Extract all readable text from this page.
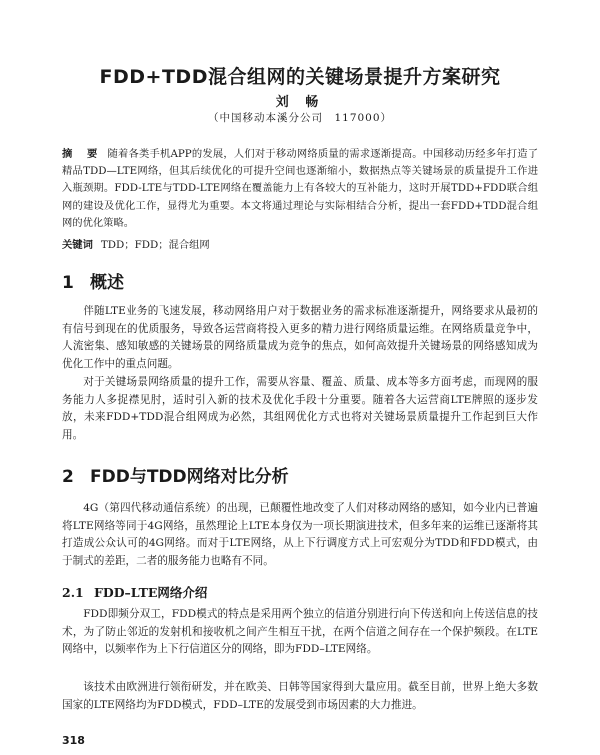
FDD+TDD混合组网的关键场景提升方案研究
刘 畅
（中国移动本溪分公司　117000）
摘　要 随着各类手机APP的发展，人们对于移动网络质量的需求逐渐提高。中国移动历经多年打造了精品TDD—LTE网络，但其后续优化的可提升空间也逐渐缩小，数据热点等关键场景的质量提升工作进入瓶颈期。FDD-LTE与TDD-LTE网络在覆盖能力上有各较大的互补能力，这时开展TDD+FDD联合组网的建设及优化工作，显得尤为重要。本文将通过理论与实际相结合分析，提出一套FDD+TDD混合组网的优化策略。
关键词 TDD；FDD；混合组网
1 概述
伴随LTE业务的飞速发展，移动网络用户对于数据业务的需求标准逐渐提升，网络要求从最初的有信号到现在的优质服务，导致各运营商将投入更多的精力进行网络质量运维。在网络质量竞争中，人流密集、感知敏感的关键场景的网络质量成为竞争的焦点，如何高效提升关键场景的网络感知成为优化工作中的重点问题。
对于关键场景网络质量的提升工作，需要从容量、覆盖、质量、成本等多方面考虑，而现网的服务能力人多捉襟见肘，适时引入新的技术及优化手段十分重要。随着各大运营商LTE牌照的逐步发放，未来FDD+TDD混合组网成为必然，其组网优化方式也将对关键场景质量提升工作起到巨大作用。
2 FDD与TDD网络对比分析
4G（第四代移动通信系统）的出现，已颠覆性地改变了人们对移动网络的感知，如今业内已普遍将LTE网络等同于4G网络，虽然理论上LTE本身仅为一项长期演进技术，但多年来的运维已逐渐将其打造成公众认可的4G网络。而对于LTE网络，从上下行调度方式上可宏观分为TDD和FDD模式，由于制式的差距，二者的服务能力也略有不同。
2.1 FDD–LTE网络介绍
FDD即频分双工，FDD模式的特点是采用两个独立的信道分别进行向下传送和向上传送信息的技术，为了防止邻近的发射机和接收机之间产生相互干扰，在两个信道之间存在一个保护频段。在LTE网络中，以频率作为上下行信道区分的网络，即为FDD–LTE网络。
该技术由欧洲进行领衔研发，并在欧美、日韩等国家得到大量应用。截至目前，世界上绝大多数国家的LTE网络均为FDD模式，FDD–LTE的发展受到市场因素的大力推进。
318
